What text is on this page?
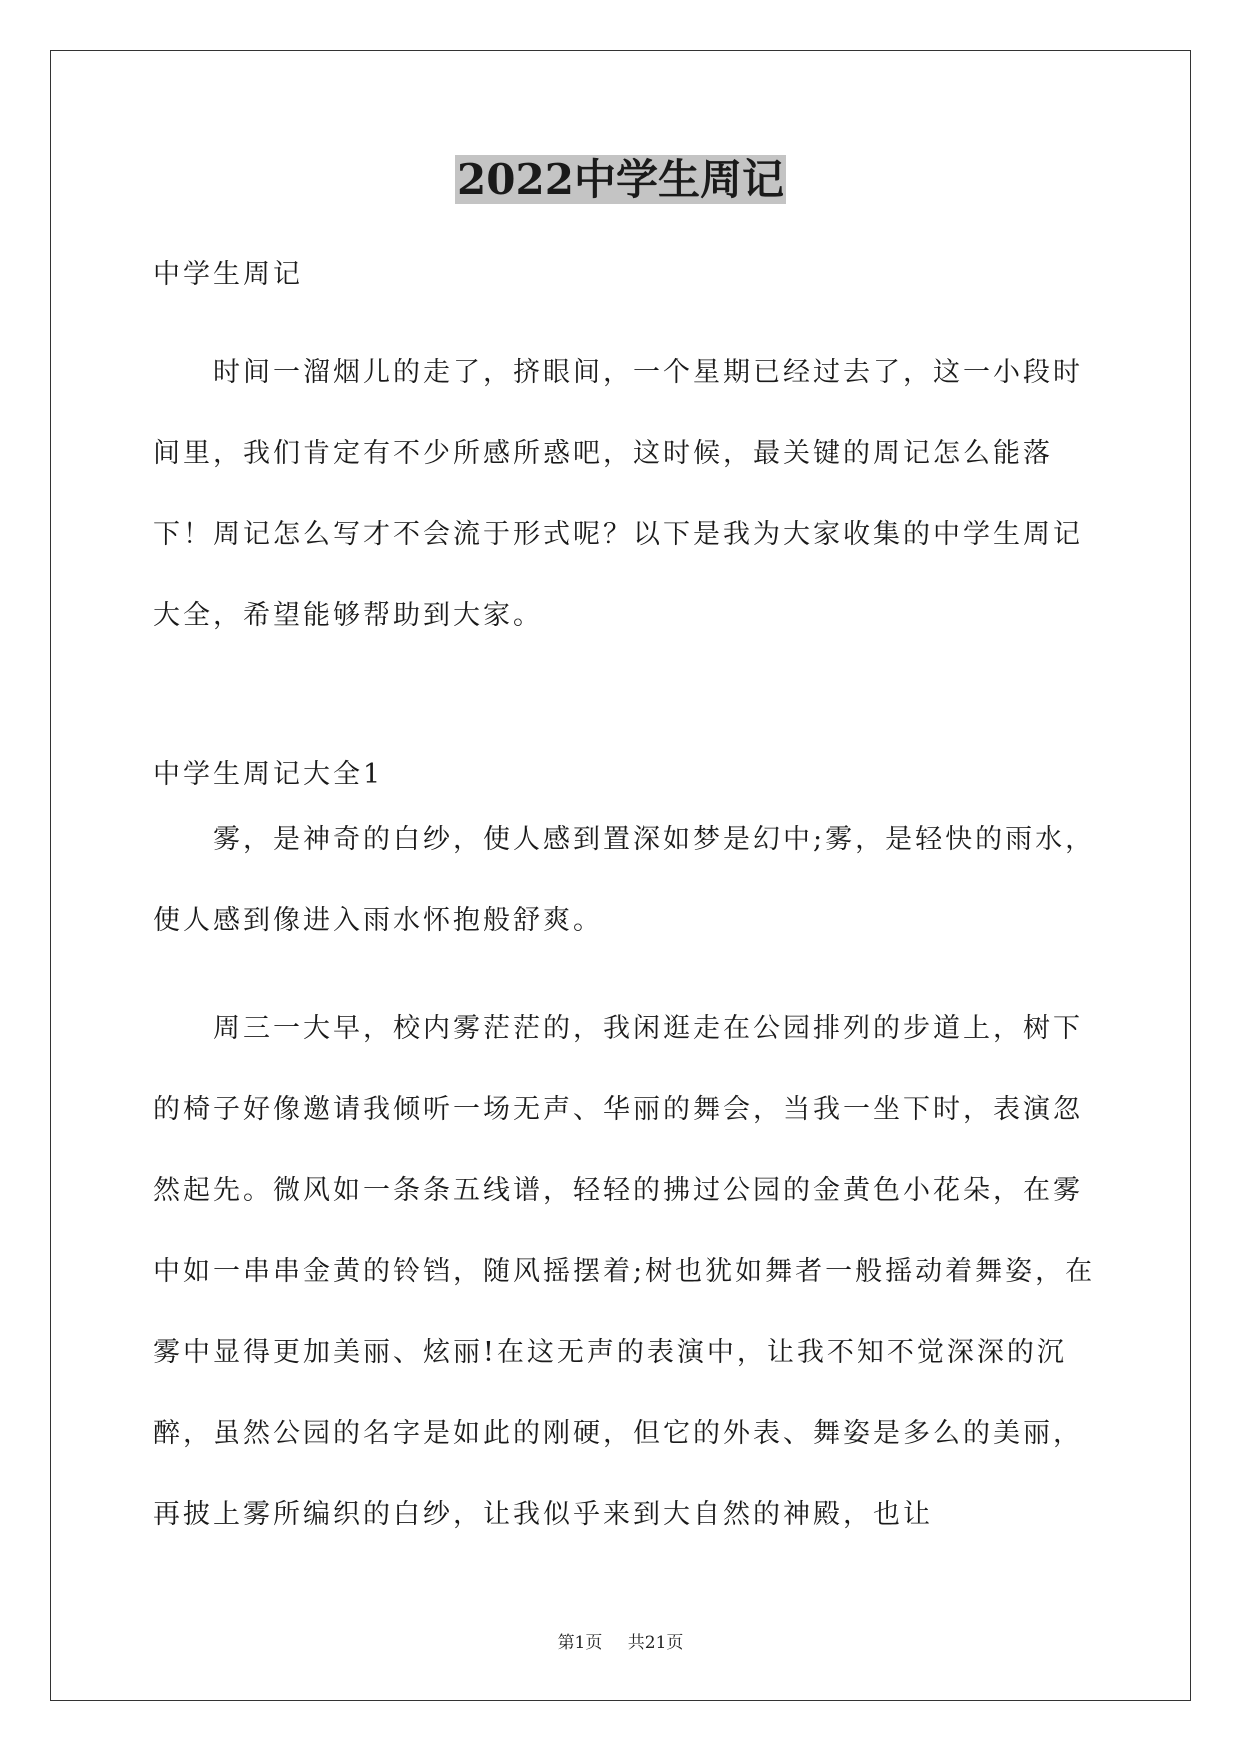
2022中学生周记

中学生周记

时间一溜烟儿的走了，挤眼间，一个星期已经过去了，这一小段时间里，我们肯定有不少所感所惑吧，这时候，最关键的周记怎么能落下！周记怎么写才不会流于形式呢？以下是我为大家收集的中学生周记大全，希望能够帮助到大家。

中学生周记大全1

雾，是神奇的白纱，使人感到置深如梦是幻中;雾，是轻快的雨水，使人感到像进入雨水怀抱般舒爽。

周三一大早，校内雾茫茫的，我闲逛走在公园排列的步道上，树下的椅子好像邀请我倾听一场无声、华丽的舞会，当我一坐下时，表演忽然起先。微风如一条条五线谱，轻轻的拂过公园的金黄色小花朵，在雾中如一串串金黄的铃铛，随风摇摆着;树也犹如舞者一般摇动着舞姿，在雾中显得更加美丽、炫丽!在这无声的表演中，让我不知不觉深深的沉醉，虽然公园的名字是如此的刚硬，但它的外表、舞姿是多么的美丽，再披上雾所编织的白纱，让我似乎来到大自然的神殿，也让

第1页 共21页
